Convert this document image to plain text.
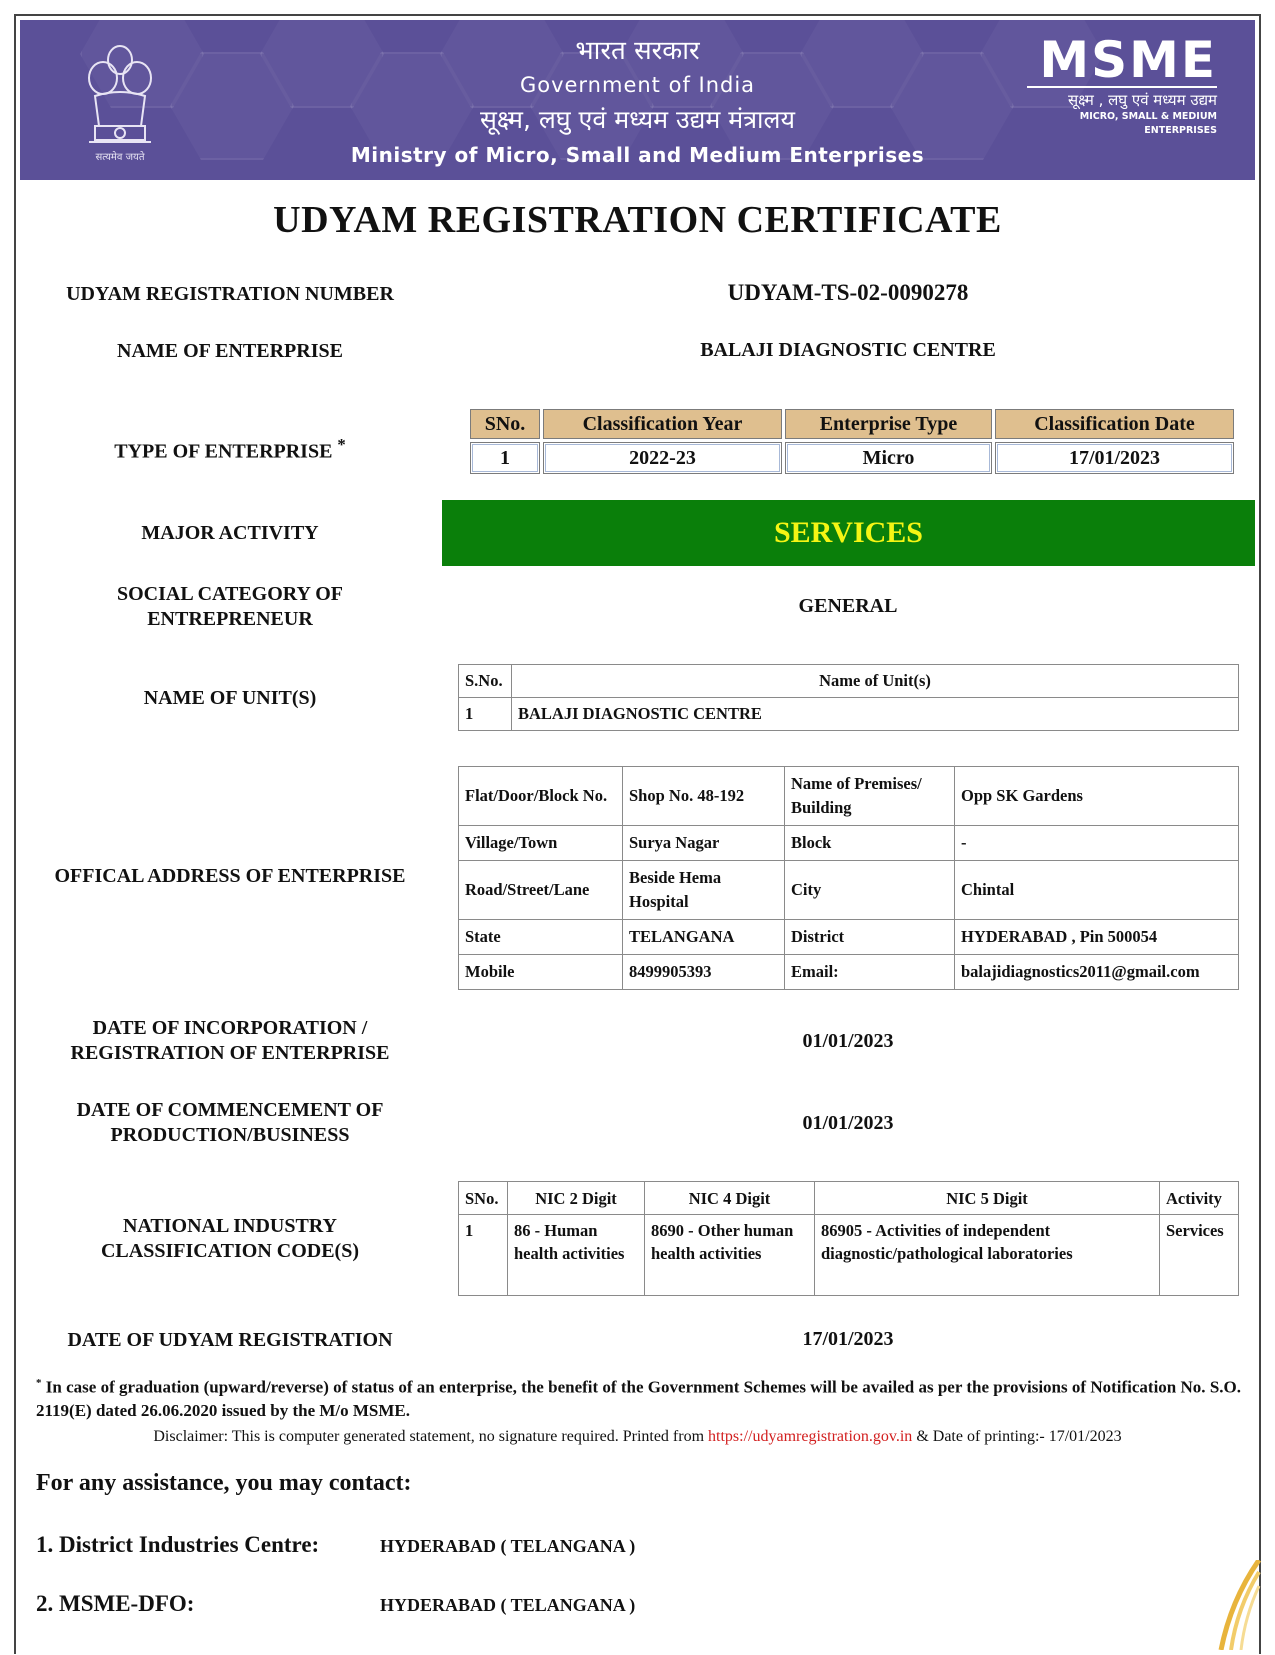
सत्यमेव जयते
भारत सरकार
Government of India
सूक्ष्म, लघु एवं मध्यम उद्यम मंत्रालय
Ministry of Micro, Small and Medium Enterprises
MSME
सूक्ष्म , लघु एवं मध्यम उद्यम
MICRO, SMALL & MEDIUM ENTERPRISES
UDYAM REGISTRATION CERTIFICATE
UDYAM REGISTRATION NUMBER	UDYAM-TS-02-0090278
NAME OF ENTERPRISE	BALAJI DIAGNOSTIC CENTRE
TYPE OF ENTERPRISE *
SNo.	Classification Year	Enterprise Type	Classification Date
1	2022-23	Micro	17/01/2023
MAJOR ACTIVITY	SERVICES
SOCIAL CATEGORY OF
ENTREPRENEUR
GENERAL
NAME OF UNIT(S)
S.No.	Name of Unit(s)
1	BALAJI DIAGNOSTIC CENTRE
OFFICAL ADDRESS OF ENTERPRISE
Flat/Door/Block No.	Shop No. 48-192	Name of Premises/ Building	Opp SK Gardens
Village/Town	Surya Nagar	Block	-
Road/Street/Lane	Beside Hema Hospital	City	Chintal
State	TELANGANA	District	HYDERABAD , Pin 500054
Mobile	8499905393	Email:	balajidiagnostics2011@gmail.com
DATE OF INCORPORATION /
REGISTRATION OF ENTERPRISE
01/01/2023
DATE OF COMMENCEMENT OF
PRODUCTION/BUSINESS
01/01/2023
NATIONAL INDUSTRY
CLASSIFICATION CODE(S)
SNo.	NIC 2 Digit	NIC 4 Digit	NIC 5 Digit	Activity
1	86 - Human health activities	8690 - Other human health activities	86905 - Activities of independent diagnostic/pathological laboratories	Services
DATE OF UDYAM REGISTRATION	17/01/2023
* In case of graduation (upward/reverse) of status of an enterprise, the benefit of the Government Schemes will be availed as per the provisions of Notification No. S.O. 2119(E) dated 26.06.2020 issued by the M/o MSME.
Disclaimer: This is computer generated statement, no signature required. Printed from https://udyamregistration.gov.in & Date of printing:- 17/01/2023
For any assistance, you may contact:
1. District Industries Centre:	HYDERABAD ( TELANGANA )
2. MSME-DFO:	HYDERABAD ( TELANGANA )
